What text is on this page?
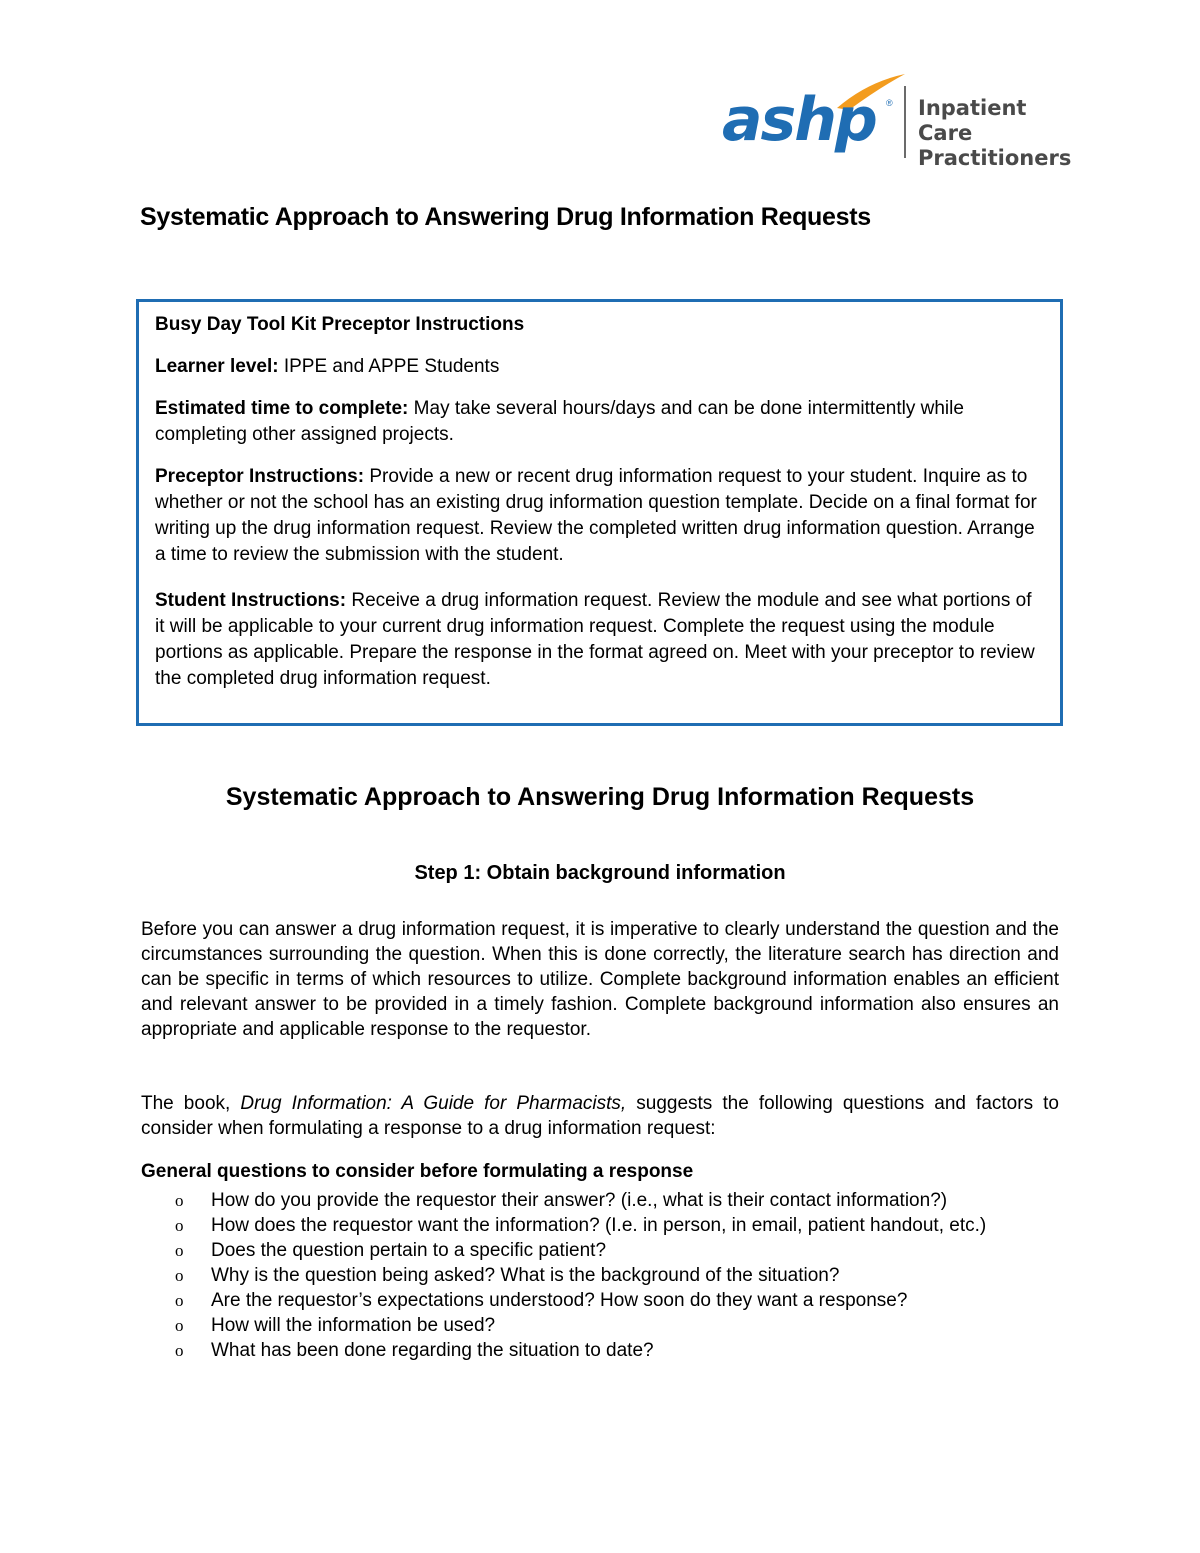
ashp ® Inpatient Care
Practitioners
Systematic Approach to Answering Drug Information Requests

Busy Day Tool Kit Preceptor Instructions

Learner level: IPPE and APPE Students

Estimated time to complete: May take several hours/days and can be done intermittently while completing other assigned projects.

Preceptor Instructions: Provide a new or recent drug information request to your student. Inquire as to whether or not the school has an existing drug information question template. Decide on a final format for writing up the drug information request. Review the completed written drug information question. Arrange a time to review the submission with the student.

Student Instructions: Receive a drug information request. Review the module and see what portions of it will be applicable to your current drug information request. Complete the request using the module portions as applicable. Prepare the response in the format agreed on. Meet with your preceptor to review the completed drug information request.

Systematic Approach to Answering Drug Information Requests
Step 1: Obtain background information

Before you can answer a drug information request, it is imperative to clearly understand the question and the circumstances surrounding the question. When this is done correctly, the literature search has direction and can be specific in terms of which resources to utilize. Complete background information enables an efficient and relevant answer to be provided in a timely fashion. Complete background information also ensures an appropriate and applicable response to the requestor.

The book, Drug Information: A Guide for Pharmacists, suggests the following questions and factors to consider when formulating a response to a drug information request:

General questions to consider before formulating a response

o How do you provide the requestor their answer? (i.e., what is their contact information?)
o How does the requestor want the information? (I.e. in person, in email, patient handout, etc.)
o Does the question pertain to a specific patient?
o Why is the question being asked? What is the background of the situation?
o Are the requestor’s expectations understood? How soon do they want a response?
o How will the information be used?
o What has been done regarding the situation to date?
